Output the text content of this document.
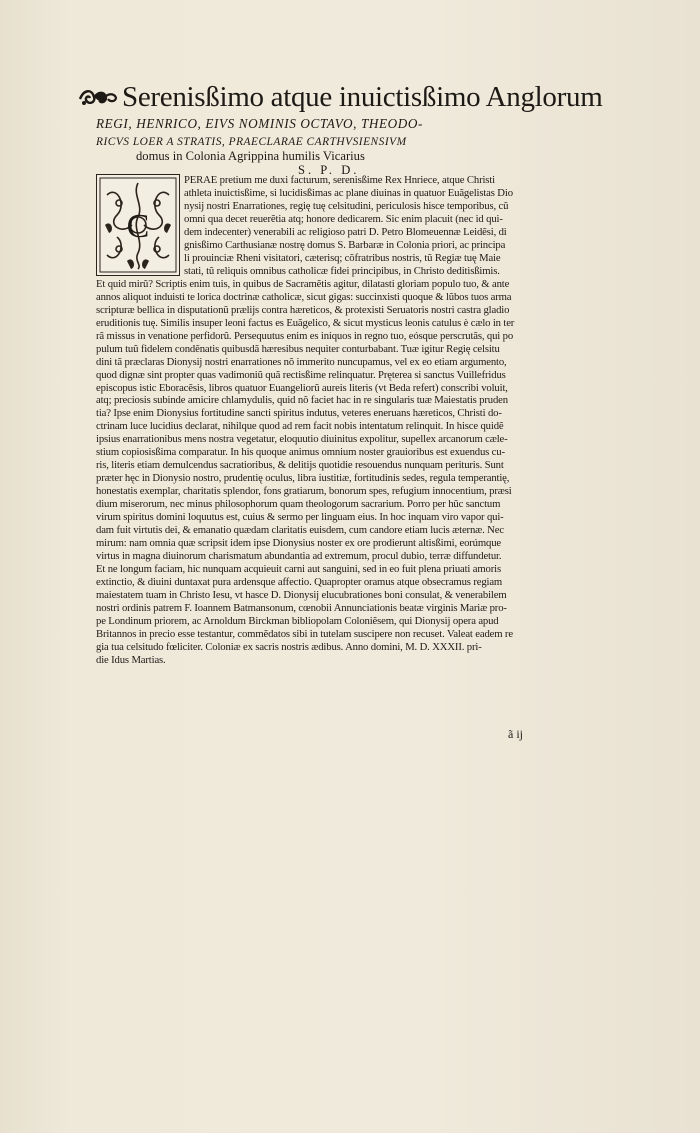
Serenisßimo atque inuictisßimo Anglorum
REGI, HENRICO, EIVS NOMINIS OCTAVO, THEODO-
RICVS LOER A STRATIS, PRAECLARAE CARTHVSIENSIVM
domus in Colonia Agrippina humilis Vicarius
S. P. D.
C
PERAE pretium me duxi facturum, serenisßime Rex Hnriece, atque Christi
athleta inuictisßime, si lucidisßimas ac plane diuinas in quatuor Euãgelistas Dio
nysij nostri Enarrationes, regię tuę celsitudini, periculosis hisce temporibus, cũ
omni qua decet reuerẽtia atq; honore dedicarem. Sic enim placuit (nec id qui-
dem indecenter) venerabili ac religioso patri D. Petro Blomeuennæ Leidẽsi, di
gnisßimo Carthusianæ nostrę domus S. Barbaræ in Colonia priori, ac principa
li prouinciæ Rheni visitatori, cæterisq; cõfratribus nostris, tũ Regiæ tuę Maie
stati, tũ reliquis omnibus catholicæ fidei principibus, in Christo deditisßimis.
Et quid mirũ? Scriptis enim tuis, in quibus de Sacramẽtis agitur, dilatasti gloriam populo tuo, & ante
annos aliquot induisti te lorica doctrinæ catholicæ, sicut gigas: succinxisti quoque & lũbos tuos arma
scripturæ bellica in disputationũ prælijs contra hæreticos, & protexisti Seruatoris nostri castra gladio
eruditionis tuę. Similis insuper leoni factus es Euãgelico, & sicut mysticus leonis catulus è cælo in ter
rã missus in venatione perfidorũ. Persequutus enim es iniquos in regno tuo, eósque perscrutãs, qui po
pulum tuũ fidelem condẽnatis quibusdã hæresibus nequiter conturbabant. Tuæ igitur Regię celsitu
dini tã præclaras Dionysij nostri enarrationes nõ immerito nuncupamus, vel ex eo etiam argumento,
quod dignæ sint propter quas vadimoniũ quã rectisßime relinquatur. Pręterea si sanctus Vuillefridus
episcopus istic Eboracẽsis, libros quatuor Euangeliorũ aureis literis (vt Beda refert) conscribi voluit,
atq; preciosis subinde amicire chlamydulis, quid nõ faciet hac in re singularis tuæ Maiestatis pruden
tia? Ipse enim Dionysius fortitudine sancti spiritus indutus, veteres eneruans hæreticos, Christi do-
ctrinam luce lucidius declarat, nihilque quod ad rem facit nobis intentatum relinquit. In hisce quidẽ
ipsius enarrationibus mens nostra vegetatur, eloquutio diuinitus expolitur, supellex arcanorum cæle-
stium copiosisßima comparatur. In his quoque animus omnium noster grauioribus est exuendus cu-
ris, literis etiam demulcendus sacratioribus, & delitijs quotidie resouendus nunquam perituris. Sunt
præter hęc in Dionysio nostro, prudentię oculus, libra iustitiæ, fortitudinis sedes, regula temperantię,
honestatis exemplar, charitatis splendor, fons gratiarum, bonorum spes, refugium innocentium, præsi
dium miserorum, nec minus philosophorum quam theologorum sacrarium. Porro per hũc sanctum
virum spiritus domini loquutus est, cuius & sermo per linguam eius. In hoc inquam viro vapor qui-
dam fuit virtutis dei, & emanatio quædam claritatis euisdem, cum candore etiam lucis æternæ. Nec
mirum: nam omnia quæ scripsit idem ipse Dionysius noster ex ore prodierunt altisßimi, eorúmque
virtus in magna diuinorum charismatum abundantia ad extremum, procul dubio, terræ diffundetur.
Et ne longum faciam, hic nunquam acquieuit carni aut sanguini, sed in eo fuit plena priuati amoris
extinctio, & diuini duntaxat pura ardensque affectio. Quapropter oramus atque obsecramus regiam
maiestatem tuam in Christo Iesu, vt hasce D. Dionysij elucubrationes boni consulat, & venerabilem
nostri ordinis patrem F. Ioannem Batmansonum, cœnobii Annunciationis beatæ virginis Mariæ pro-
pe Londinum priorem, ac Arnoldum Birckman bibliopolam Coloniẽsem, qui Dionysij opera apud
Britannos in precio esse testantur, commẽdatos sibi in tutelam suscipere non recuset. Valeat eadem re
gia tua celsitudo fœliciter. Coloniæ ex sacris nostris ædibus. Anno domini, M. D. XXXII. pri-
die Idus Martias.
ã ij
